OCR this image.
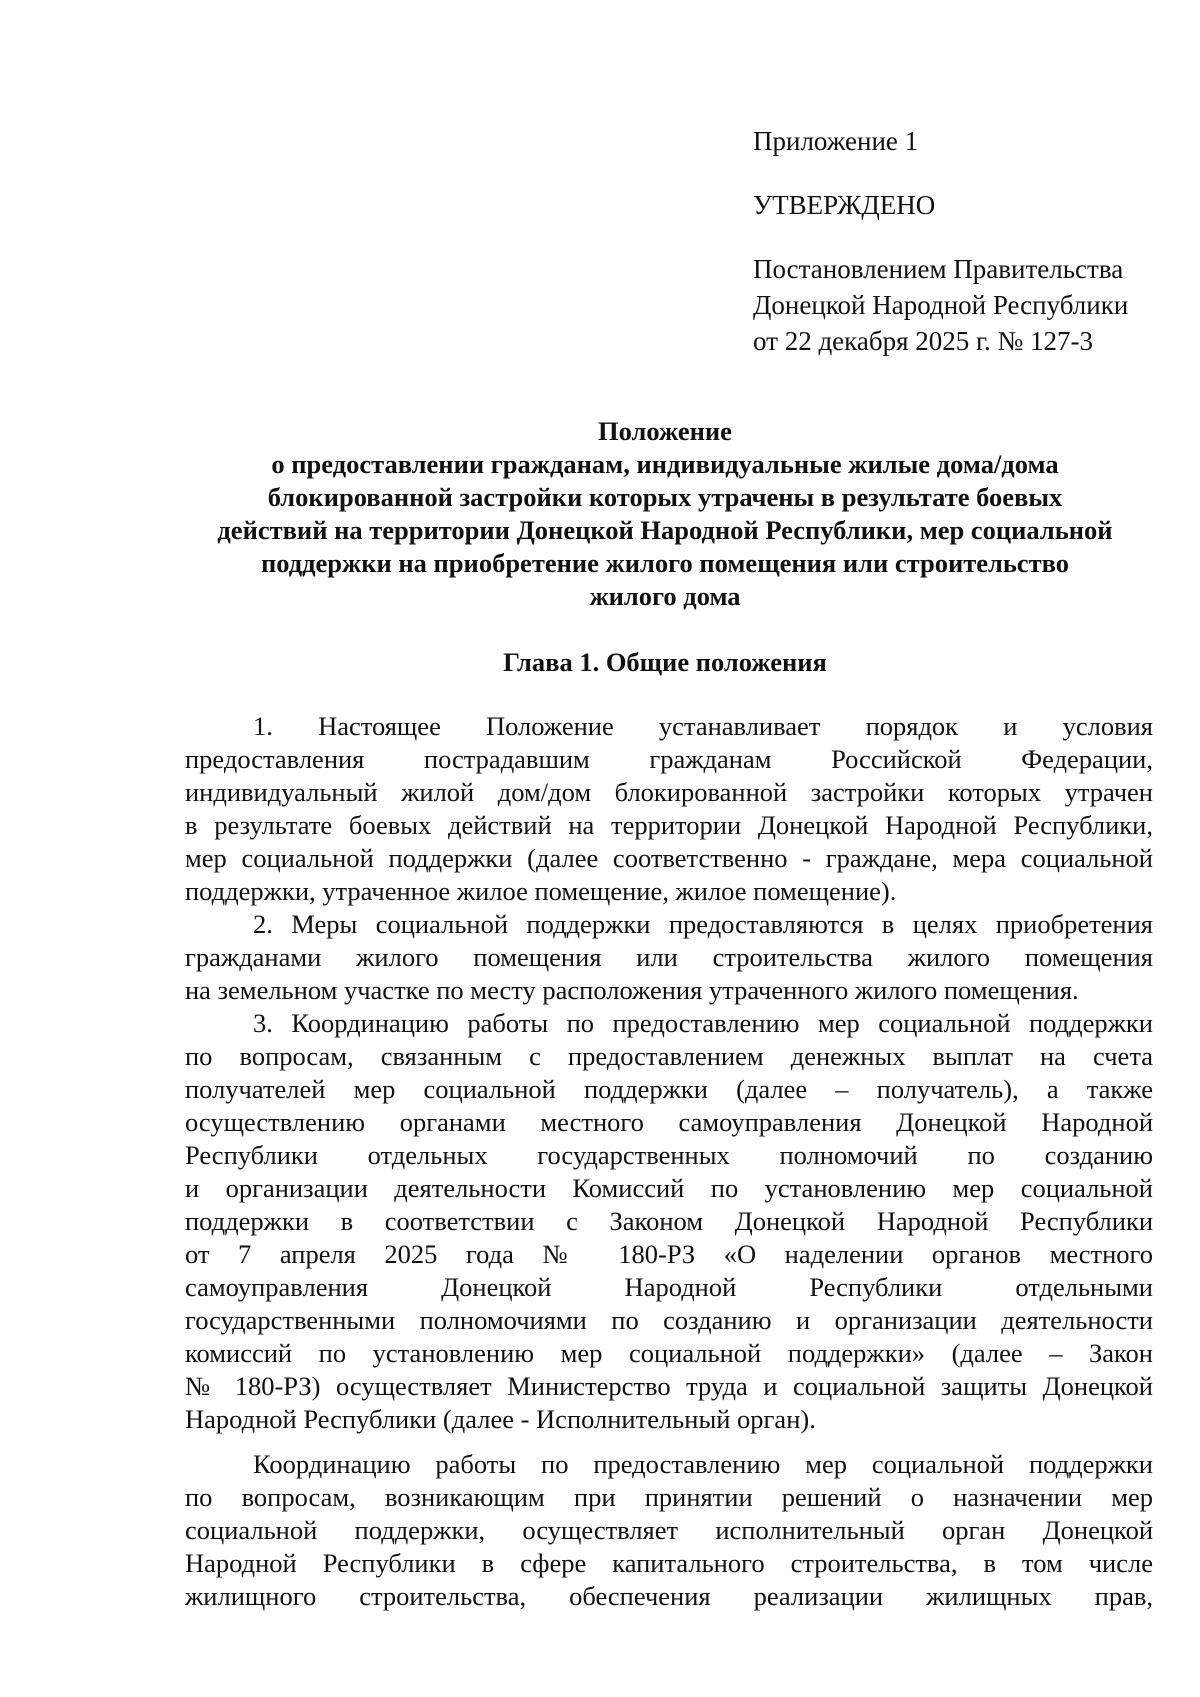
Приложение 1
УТВЕРЖДЕНО
Постановлением Правительства
Донецкой Народной Республики
от 22 декабря 2025 г. № 127-3
Положение
о предоставлении гражданам, индивидуальные жилые дома/дома
блокированной застройки которых утрачены в результате боевых
действий на территории Донецкой Народной Республики, мер социальной
поддержки на приобретение жилого помещения или строительство
жилого дома
Глава 1. Общие положения
1. Настоящее Положение устанавливает порядок и условия
предоставления пострадавшим гражданам Российской Федерации,
индивидуальный жилой дом/дом блокированной застройки которых утрачен
в результате боевых действий на территории Донецкой Народной Республики,
мер социальной поддержки (далее соответственно - граждане, мера социальной
поддержки, утраченное жилое помещение, жилое помещение).
2. Меры социальной поддержки предоставляются в целях приобретения
гражданами жилого помещения или строительства жилого помещения
на земельном участке по месту расположения утраченного жилого помещения.
3. Координацию работы по предоставлению мер социальной поддержки
по вопросам, связанным с предоставлением денежных выплат на счета
получателей мер социальной поддержки (далее – получатель), а также
осуществлению органами местного самоуправления Донецкой Народной
Республики отдельных государственных полномочий по созданию
и организации деятельности Комиссий по установлению мер социальной
поддержки в соответствии с Законом Донецкой Народной Республики
от 7 апреля 2025 года № 180-РЗ «О наделении органов местного
самоуправления Донецкой Народной Республики отдельными
государственными полномочиями по созданию и организации деятельности
комиссий по установлению мер социальной поддержки» (далее – Закон
№ 180-РЗ) осуществляет Министерство труда и социальной защиты Донецкой
Народной Республики (далее - Исполнительный орган).
Координацию работы по предоставлению мер социальной поддержки
по вопросам, возникающим при принятии решений о назначении мер
социальной поддержки, осуществляет исполнительный орган Донецкой
Народной Республики в сфере капитального строительства, в том числе
жилищного строительства, обеспечения реализации жилищных прав,
